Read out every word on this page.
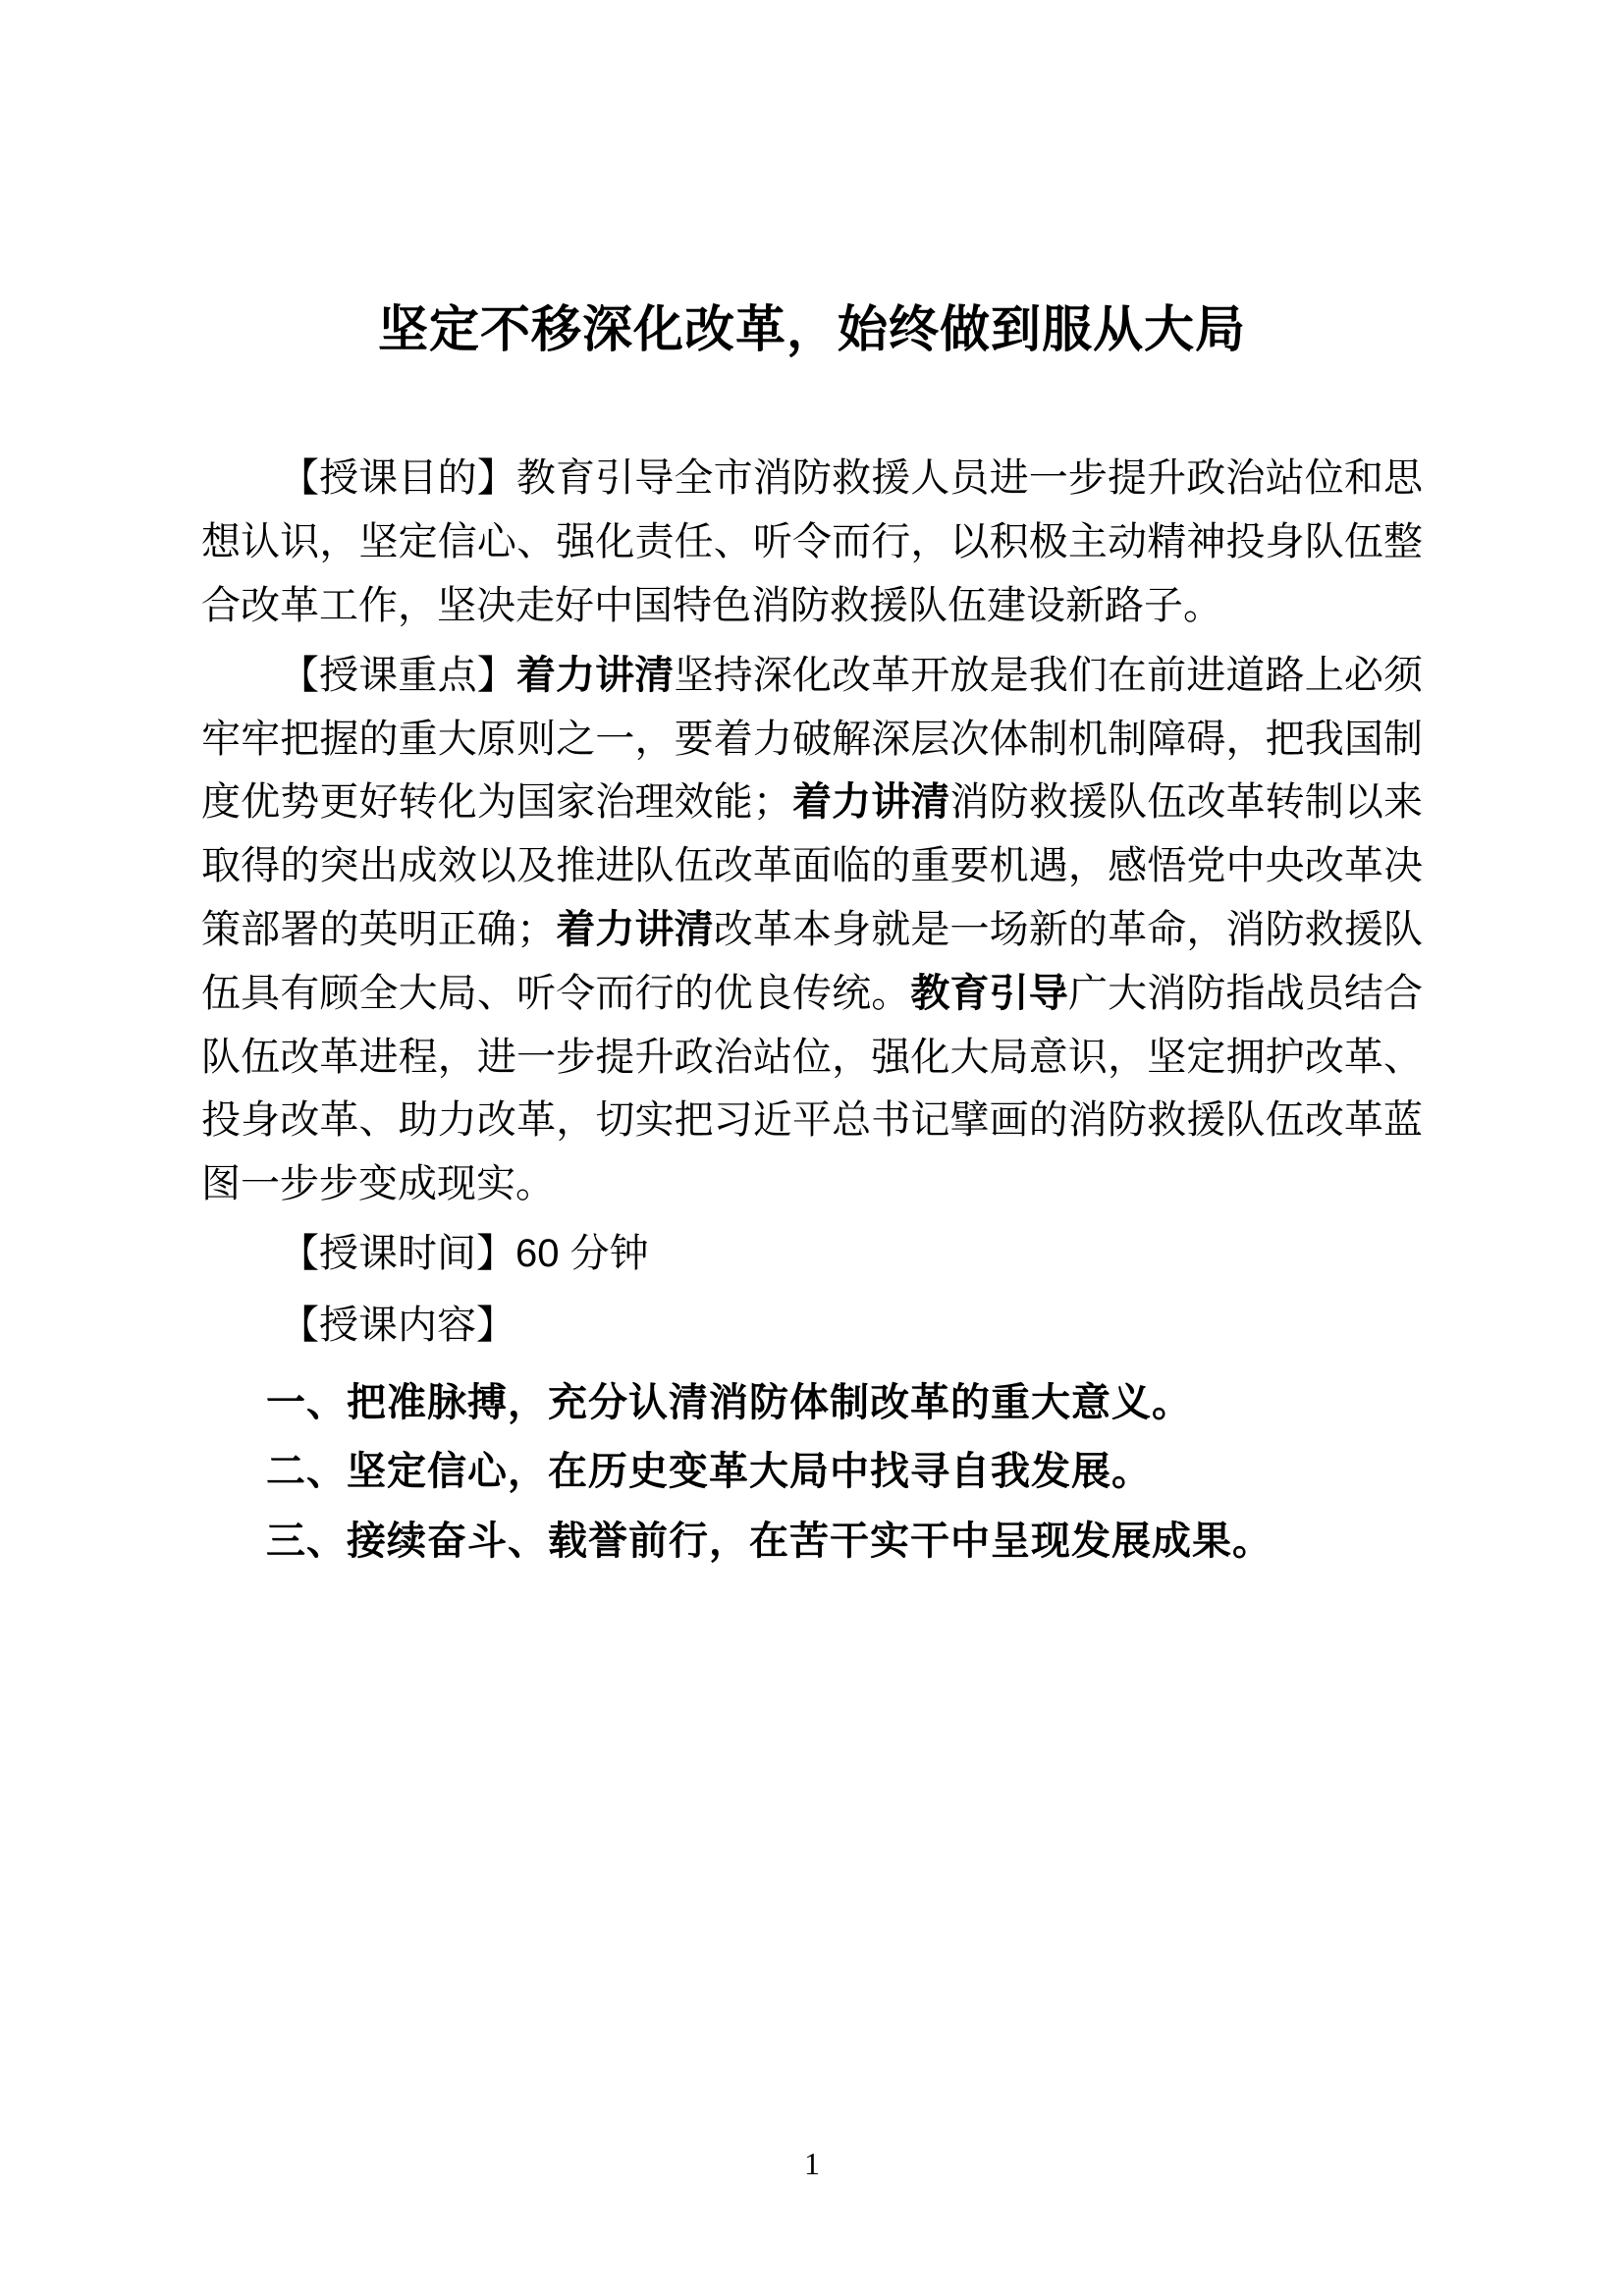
坚定不移深化改革，始终做到服从大局

【授课目的】教育引导全市消防救援人员进一步提升政治站位和思想认识，坚定信心、强化责任、听令而行，以积极主动精神投身队伍整合改革工作，坚决走好中国特色消防救援队伍建设新路子。

【授课重点】着力讲清坚持深化改革开放是我们在前进道路上必须牢牢把握的重大原则之一，要着力破解深层次体制机制障碍，把我国制度优势更好转化为国家治理效能；着力讲清消防救援队伍改革转制以来取得的突出成效以及推进队伍改革面临的重要机遇，感悟党中央改革决策部署的英明正确；着力讲清改革本身就是一场新的革命，消防救援队伍具有顾全大局、听令而行的优良传统。教育引导广大消防指战员结合队伍改革进程，进一步提升政治站位，强化大局意识，坚定拥护改革、投身改革、助力改革，切实把习近平总书记擘画的消防救援队伍改革蓝图一步步变成现实。

【授课时间】60 分钟

【授课内容】

一、把准脉搏，充分认清消防体制改革的重大意义。

二、坚定信心，在历史变革大局中找寻自我发展。

三、接续奋斗、载誉前行，在苦干实干中呈现发展成果。

1
